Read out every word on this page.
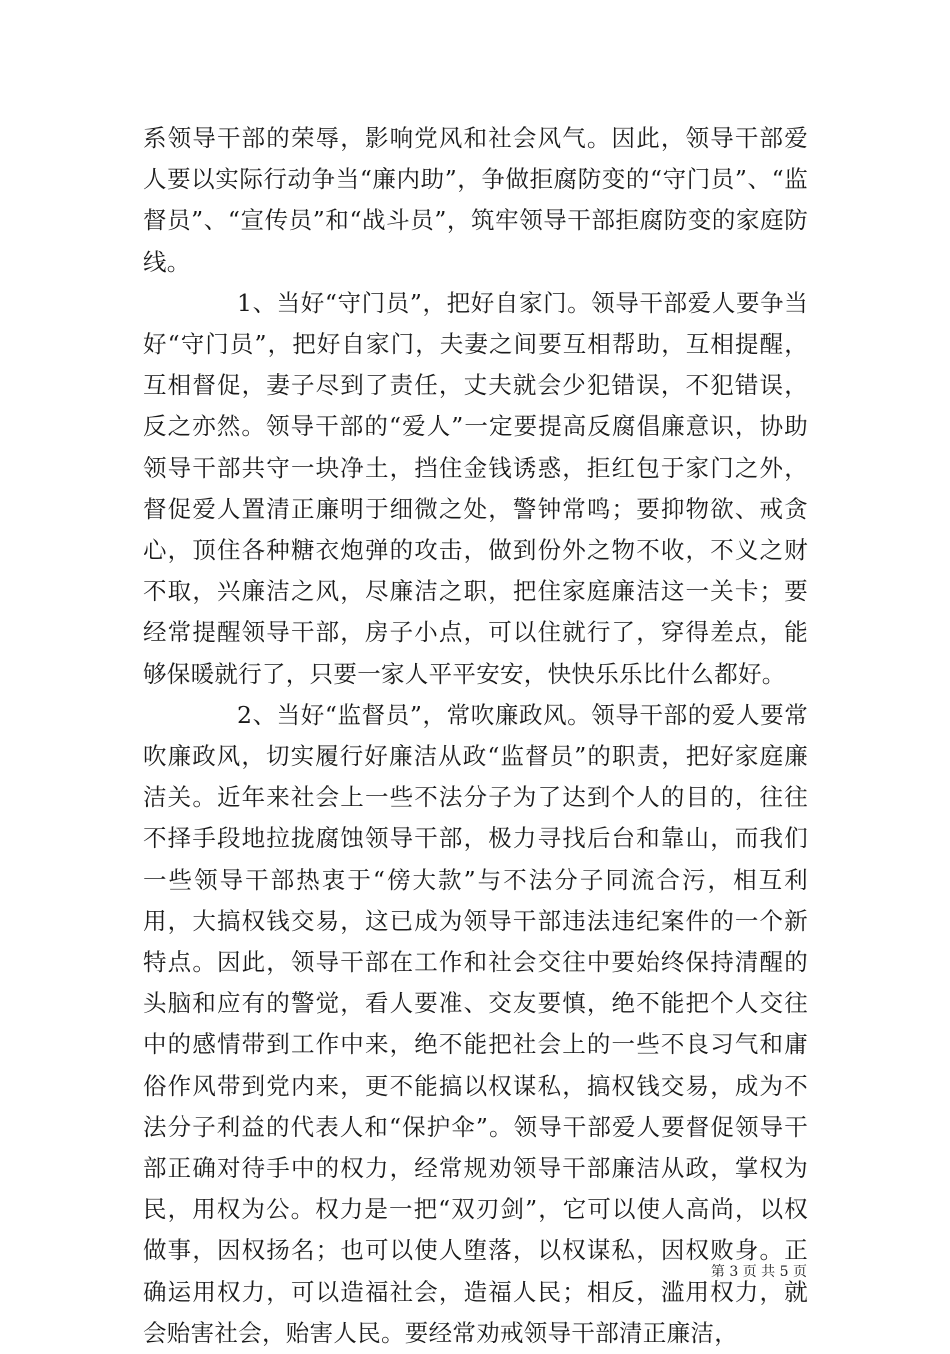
系领导干部的荣辱，影响党风和社会风气。因此，领导干部爱人要以实际行动争当“廉内助”，争做拒腐防变的“守门员”、“监督员”、“宣传员”和“战斗员”，筑牢领导干部拒腐防变的家庭防线。

1、当好“守门员”，把好自家门。领导干部爱人要争当好“守门员”，把好自家门，夫妻之间要互相帮助，互相提醒，互相督促，妻子尽到了责任，丈夫就会少犯错误，不犯错误，反之亦然。领导干部的“爱人”一定要提高反腐倡廉意识，协助领导干部共守一块净土，挡住金钱诱惑，拒红包于家门之外，督促爱人置清正廉明于细微之处，警钟常鸣；要抑物欲、戒贪心，顶住各种糖衣炮弹的攻击，做到份外之物不收，不义之财不取，兴廉洁之风，尽廉洁之职，把住家庭廉洁这一关卡；要经常提醒领导干部，房子小点，可以住就行了，穿得差点，能够保暖就行了，只要一家人平平安安，快快乐乐比什么都好。

2、当好“监督员”，常吹廉政风。领导干部的爱人要常吹廉政风，切实履行好廉洁从政“监督员”的职责，把好家庭廉洁关。近年来社会上一些不法分子为了达到个人的目的，往往不择手段地拉拢腐蚀领导干部，极力寻找后台和靠山，而我们一些领导干部热衷于“傍大款”与不法分子同流合污，相互利用，大搞权钱交易，这已成为领导干部违法违纪案件的一个新特点。因此，领导干部在工作和社会交往中要始终保持清醒的头脑和应有的警觉，看人要准、交友要慎，绝不能把个人交往中的感情带到工作中来，绝不能把社会上的一些不良习气和庸俗作风带到党内来，更不能搞以权谋私，搞权钱交易，成为不法分子利益的代表人和“保护伞”。领导干部爱人要督促领导干部正确对待手中的权力，经常规劝领导干部廉洁从政，掌权为民，用权为公。权力是一把“双刃剑”，它可以使人高尚，以权做事，因权扬名；也可以使人堕落，以权谋私，因权败身。正确运用权力，可以造福社会，造福人民；相反，滥用权力，就会贻害社会，贻害人民。要经常劝戒领导干部清正廉洁，

第 3 页 共 5 页
